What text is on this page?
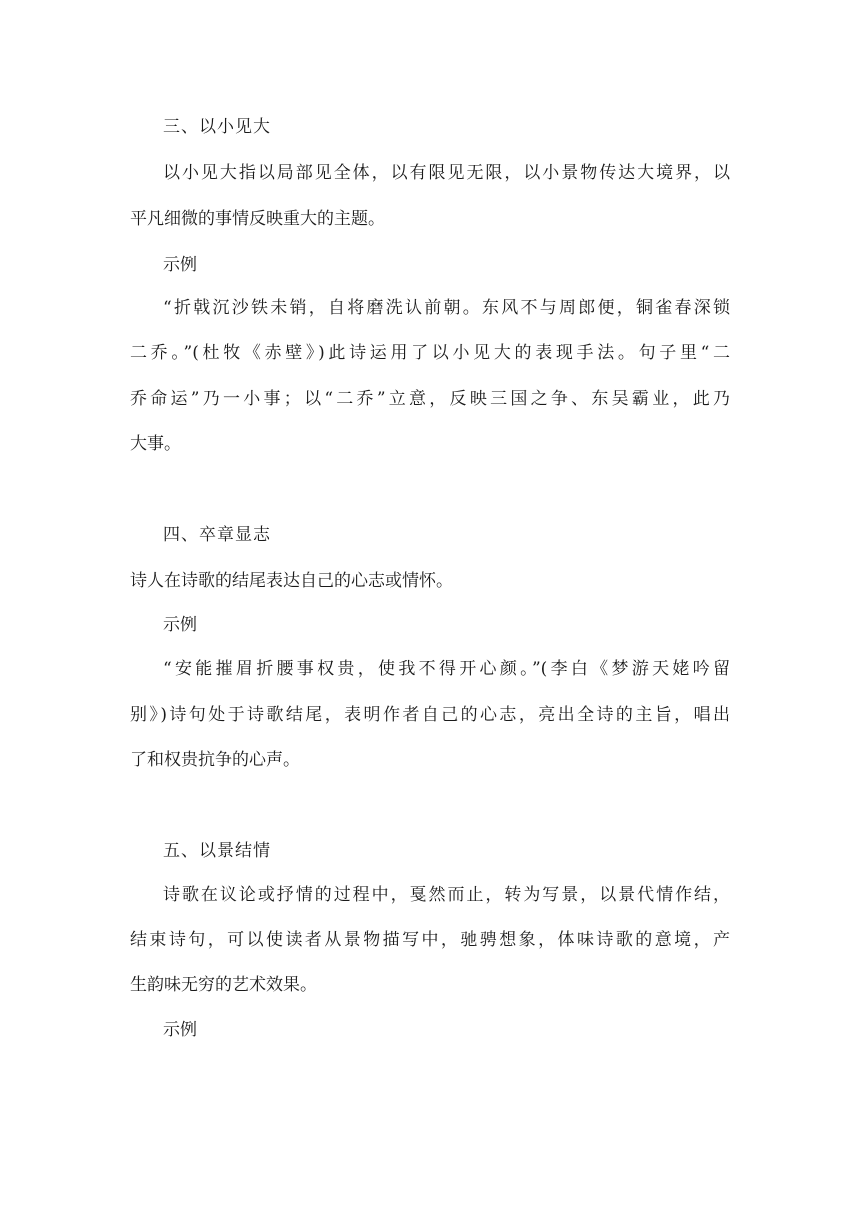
三、以小见大
以小见大指以局部见全体，以有限见无限，以小景物传达大境界，以
平凡细微的事情反映重大的主题。
示例
“折戟沉沙铁未销，自将磨洗认前朝。东风不与周郎便，铜雀春深锁
二乔。”(杜牧《赤壁》)此诗运用了以小见大的表现手法。句子里“二
乔命运”乃一小事；以“二乔”立意，反映三国之争、东吴霸业，此乃
大事。
四、卒章显志
诗人在诗歌的结尾表达自己的心志或情怀。
示例
“安能摧眉折腰事权贵，使我不得开心颜。”(李白《梦游天姥吟留
别》)诗句处于诗歌结尾，表明作者自己的心志，亮出全诗的主旨，唱出
了和权贵抗争的心声。
五、以景结情
诗歌在议论或抒情的过程中，戛然而止，转为写景，以景代情作结，
结束诗句，可以使读者从景物描写中，驰骋想象，体味诗歌的意境，产
生韵味无穷的艺术效果。
示例
